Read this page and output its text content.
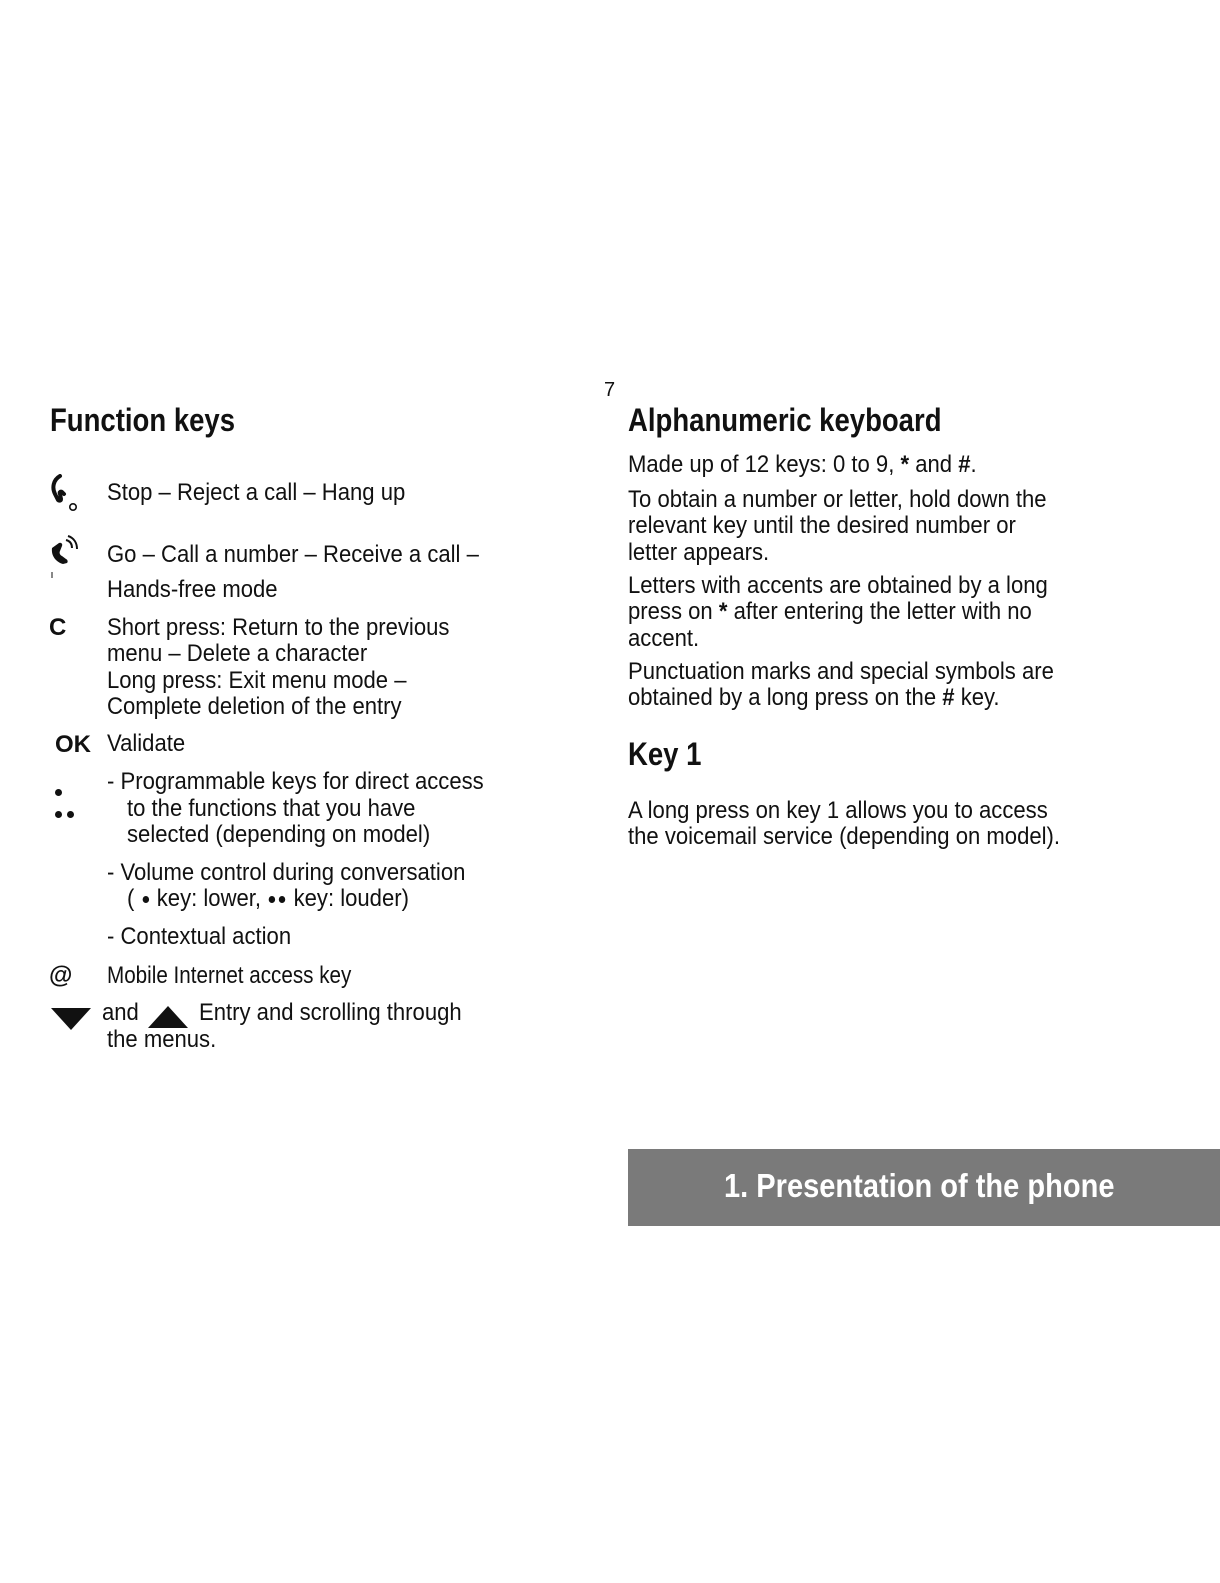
7
Function keys
Stop – Reject a call – Hang up
Go – Call a number – Receive a call –
Hands-free mode
C Short press: Return to the previous
menu – Delete a character
Long press: Exit menu mode –
Complete deletion of the entry
OK Validate
- Programmable keys for direct access
to the functions that you have
selected (depending on model)
- Volume control during conversation
( key: lower, key: louder)
- Contextual action
@ Mobile Internet access key
and	Entry and scrolling through
the menus.
Alphanumeric keyboard
Made up of 12 keys: 0 to 9, * and #.
To obtain a number or letter, hold down the
relevant key until the desired number or
letter appears.
Letters with accents are obtained by a long
press on * after entering the letter with no
accent.
Punctuation marks and special symbols are
obtained by a long press on the # key.
Key 1
A long press on key 1 allows you to access
the voicemail service (depending on model).
1. Presentation of the phone
